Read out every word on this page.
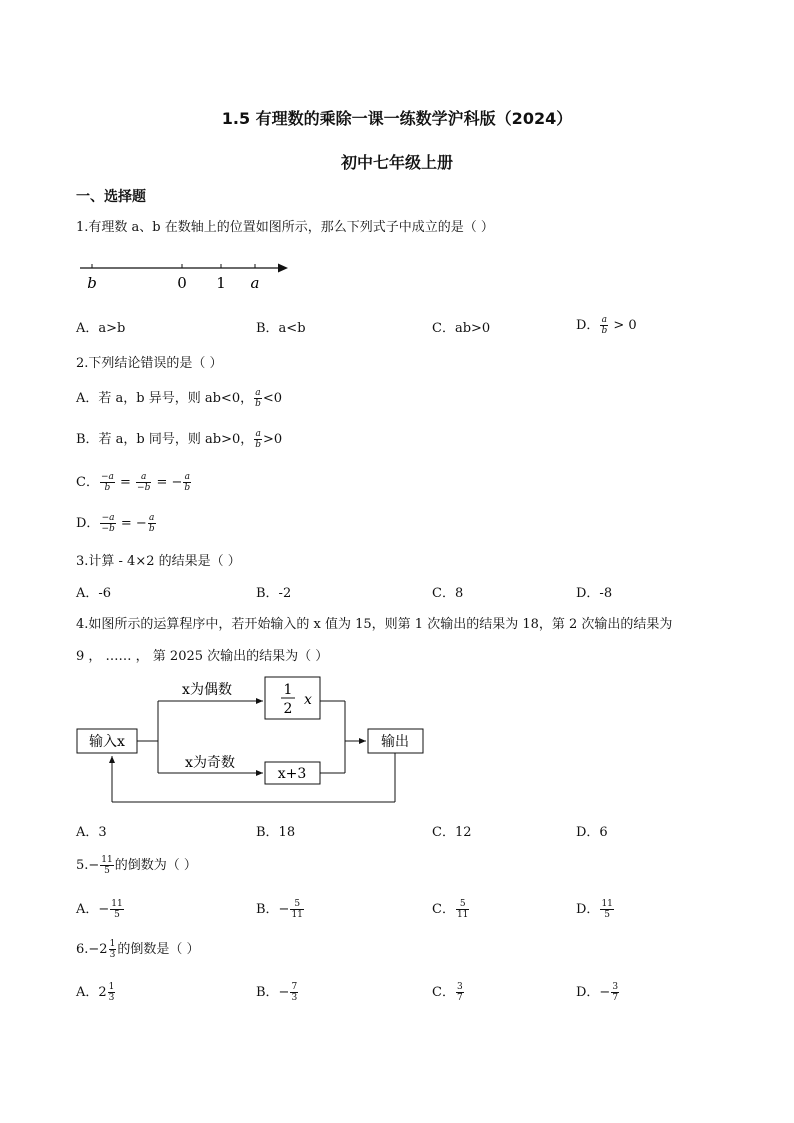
1.5 有理数的乘除一课一练数学沪科版（2024）
初中七年级上册
一、选择题
1.有理数 a、b 在数轴上的位置如图所示，那么下列式子中成立的是（ ）
b	0 1 a
A．a>b	B．a<b	C．ab>0	D． $\frac{a}{b} > 0$
2.下列结论错误的是（ ）
A．若 a，b 异号，则 ab<0， $\frac{a}{b} <0$
B．若 a，b 同号，则 ab>0， $\frac{a}{b} >0$
C． $\frac{-a}{b} = \frac{a}{-b}$ = − $\frac{a}{b}$
D． $\frac{-a}{-b}$ = − $\frac{a}{b}$
3.计算 - 4×2 的结果是（ ）
A．-6	B．-2	C．8	D．-8
4.如图所示的运算程序中，若开始输入的 x 值为 15，则第 1 次输出的结果为 18，第 2 次输出的结果为
9 ， …… ， 第 2025 次输出的结果为（ ）
输入x
x为偶数
x为奇数
1
2
x
x+3
输出
A．3	B．18	C．12	D．6
$5.- \frac{11}{5}$ 的倒数为（ ）
A．− $\frac{11}{5}$	B．− $\frac{5}{11}$	C． $\frac{5}{11}$	D． $\frac{11}{5}$
$6.-2 \frac{1}{3}$ 的倒数是（ ）
A．$2 \frac{1}{3}$	B．− $\frac{7}{3}$	C． $\frac{3}{7}$	D．− $\frac{3}{7}$
